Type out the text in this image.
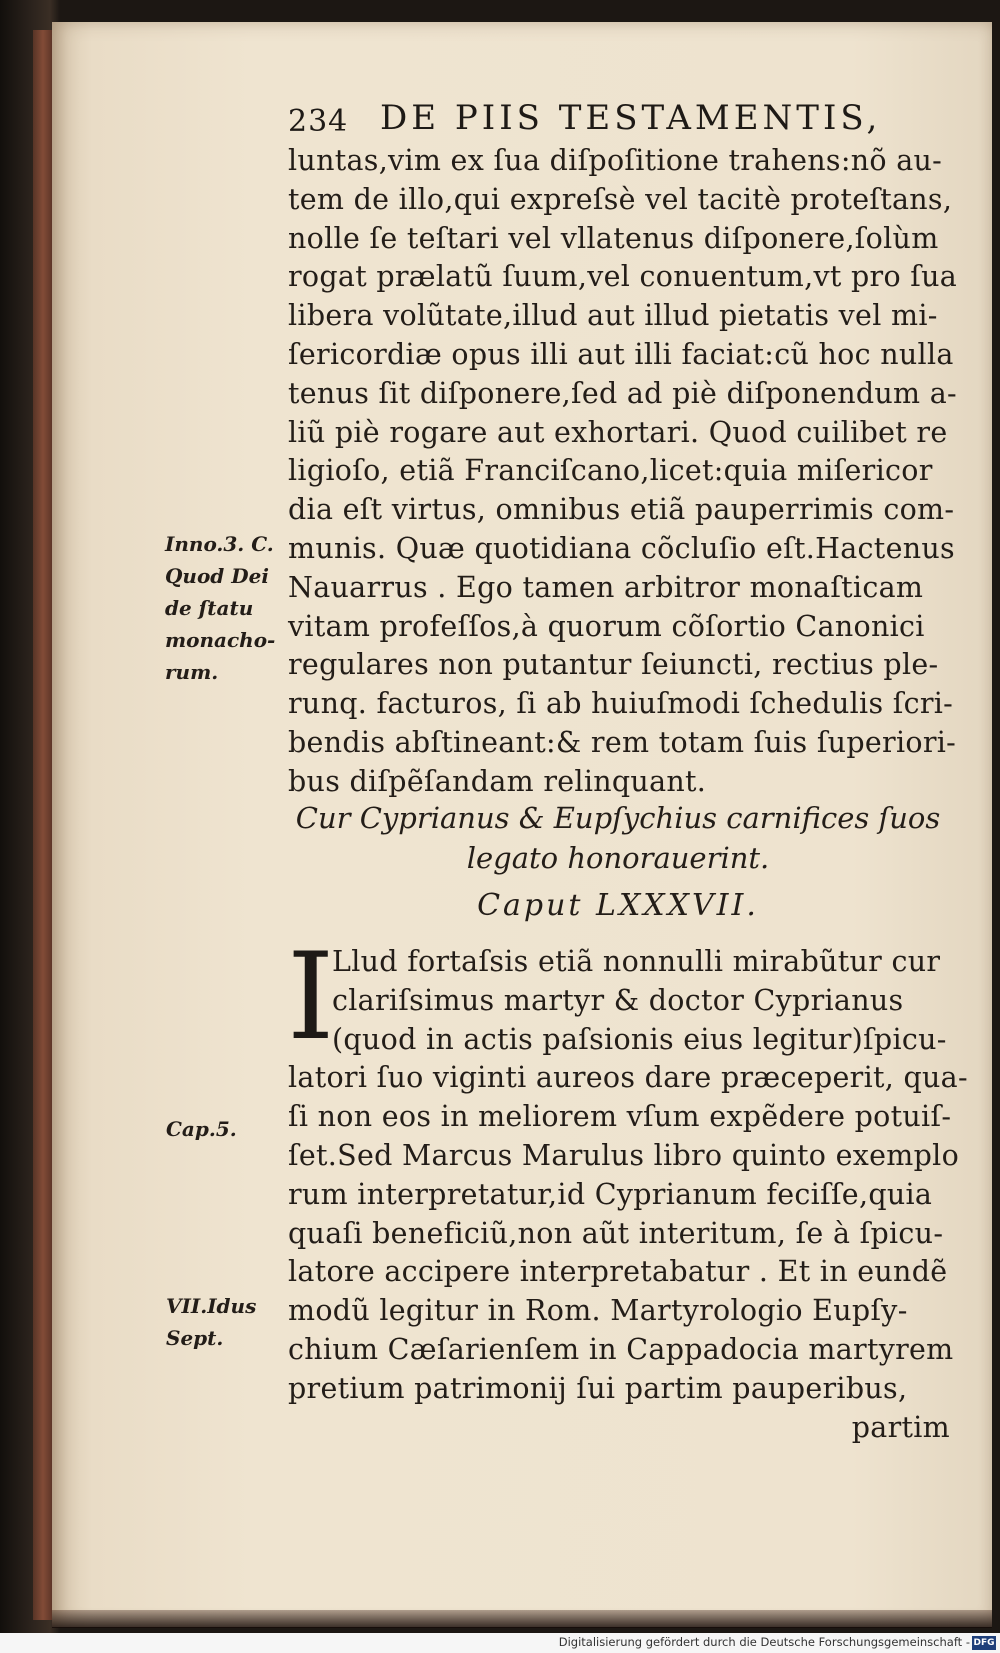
234 DE PIIS TESTAMENTIS,
luntas,vim ex ſua diſpoſitione trahens:nõ au-
tem de illo,qui expreſsè vel tacitè proteſtans,
nolle ſe teſtari vel vllatenus diſponere,ſolùm
rogat prælatũ ſuum,vel conuentum,vt pro ſua
libera volũtate,illud aut illud pietatis vel mi-
ſericordiæ opus illi aut illi faciat:cũ hoc nulla
tenus ſit diſponere,ſed ad piè diſponendum a-
liũ piè rogare aut exhortari. Quod cuilibet re
ligioſo, etiã Franciſcano,licet:quia miſericor
dia eſt virtus, omnibus etiã pauperrimis com-
munis. Quæ quotidiana cõcluſio eſt.Hactenus
Nauarrus . Ego tamen arbitror monaſticam
vitam profeſſos,à quorum cõſortio Canonici
regulares non putantur ſeiuncti, rectius ple-
runq. facturos, ſi ab huiuſmodi ſchedulis ſcri-
bendis abſtineant:& rem totam ſuis ſuperiori-
bus diſpẽſandam relinquant.
Cur Cyprianus & Eupſychius carnifices ſuos
legato honorauerint.
Caput LXXXVII.
I
Llud fortaſsis etiã nonnulli mirabũtur cur
clariſsimus martyr & doctor Cyprianus
(quod in actis paſsionis eius legitur)ſpicu-
latori ſuo viginti aureos dare præceperit, qua-
ſi non eos in meliorem vſum expẽdere potuiſ-
ſet.Sed Marcus Marulus libro quinto exemplo
rum interpretatur,id Cyprianum feciſſe,quia
quaſi beneficiũ,non aũt interitum, ſe à ſpicu-
latore accipere interpretabatur . Et in eundẽ
modũ legitur in Rom. Martyrologio Eupſy-
chium Cæſarienſem in Cappadocia martyrem
pretium patrimonij ſui partim pauperibus,
partim
Inno.3. C.
Quod Dei
de ſtatu
monacho-
rum.
Cap.5.
VII.Idus
Sept.
Digitalisierung gefördert durch die Deutsche Forschungsgemeinschaft - DFG
